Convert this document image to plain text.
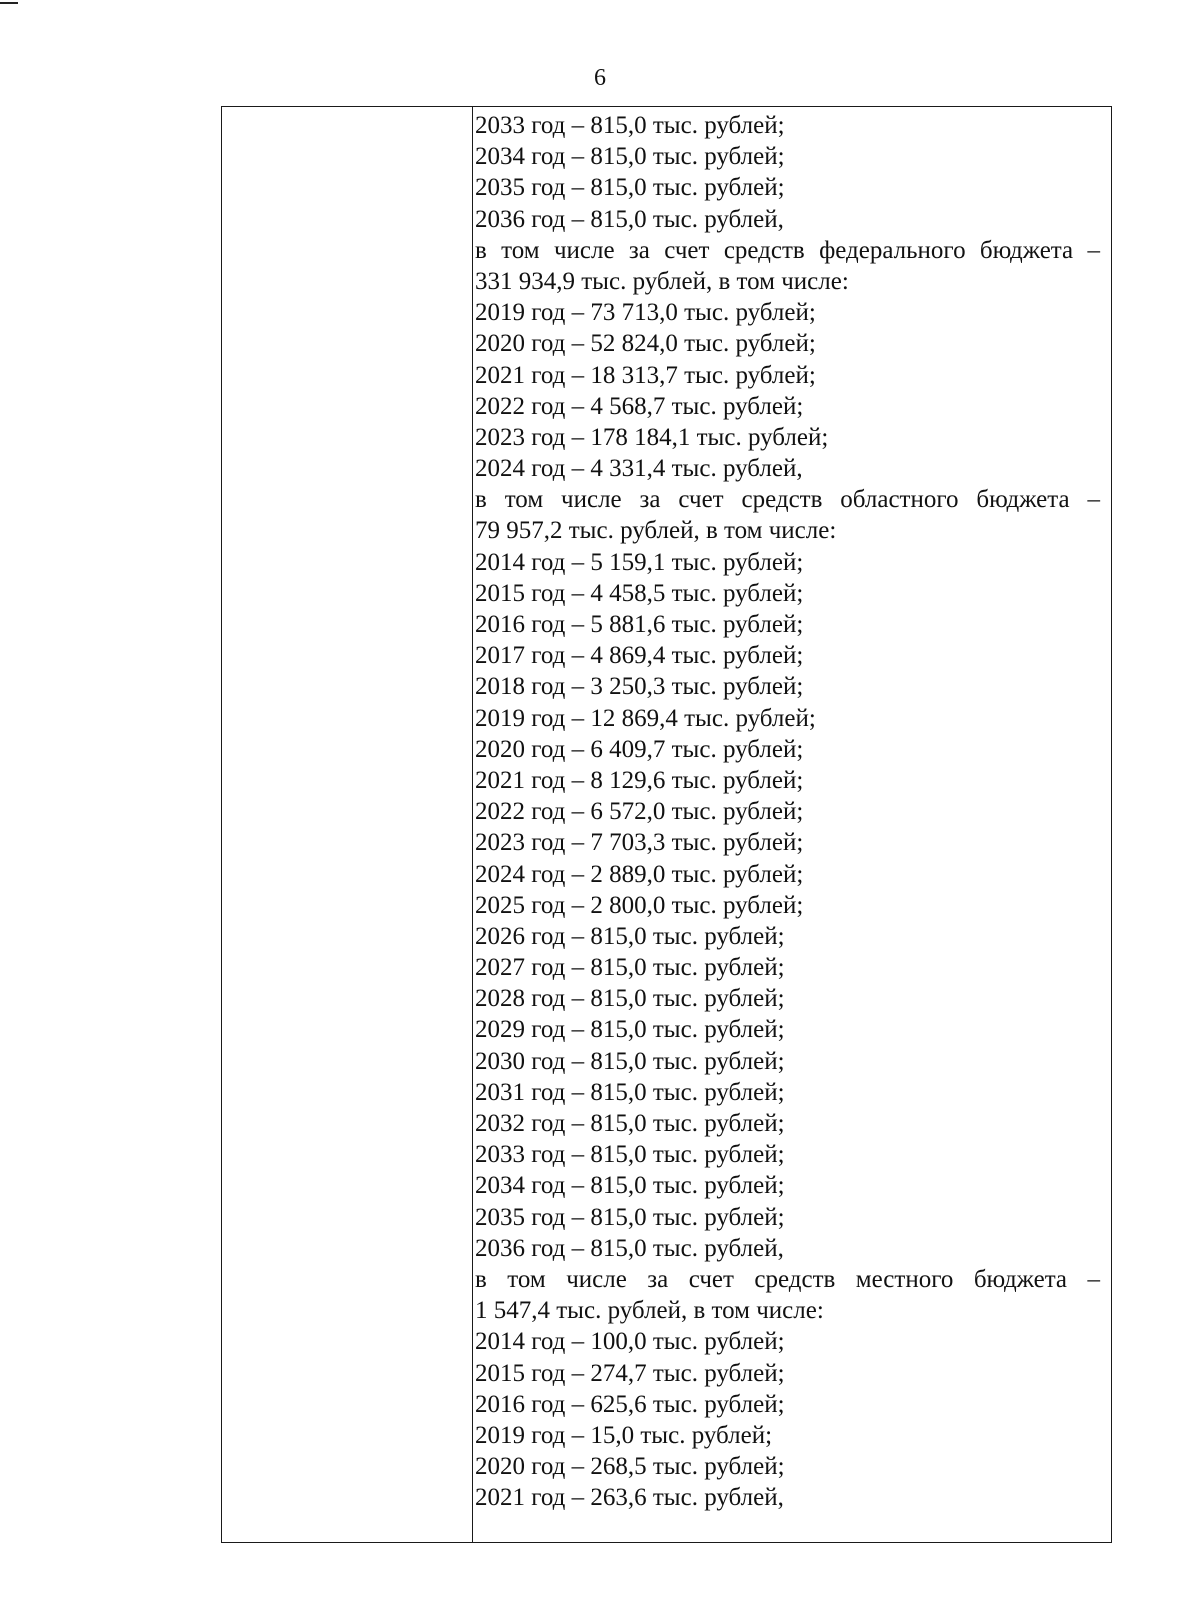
6
2033 год – 815,0 тыс. рублей;
2034 год – 815,0 тыс. рублей;
2035 год – 815,0 тыс. рублей;
2036 год – 815,0 тыс. рублей,
в том числе за счет средств федерального бюджета –
331 934,9 тыс. рублей, в том числе:
2019 год – 73 713,0 тыс. рублей;
2020 год – 52 824,0 тыс. рублей;
2021 год – 18 313,7 тыс. рублей;
2022 год – 4 568,7 тыс. рублей;
2023 год – 178 184,1 тыс. рублей;
2024 год – 4 331,4 тыс. рублей,
в том числе за счет средств областного бюджета –
79 957,2 тыс. рублей, в том числе:
2014 год – 5 159,1 тыс. рублей;
2015 год – 4 458,5 тыс. рублей;
2016 год – 5 881,6 тыс. рублей;
2017 год – 4 869,4 тыс. рублей;
2018 год – 3 250,3 тыс. рублей;
2019 год – 12 869,4 тыс. рублей;
2020 год – 6 409,7 тыс. рублей;
2021 год – 8 129,6 тыс. рублей;
2022 год – 6 572,0 тыс. рублей;
2023 год – 7 703,3 тыс. рублей;
2024 год – 2 889,0 тыс. рублей;
2025 год – 2 800,0 тыс. рублей;
2026 год – 815,0 тыс. рублей;
2027 год – 815,0 тыс. рублей;
2028 год – 815,0 тыс. рублей;
2029 год – 815,0 тыс. рублей;
2030 год – 815,0 тыс. рублей;
2031 год – 815,0 тыс. рублей;
2032 год – 815,0 тыс. рублей;
2033 год – 815,0 тыс. рублей;
2034 год – 815,0 тыс. рублей;
2035 год – 815,0 тыс. рублей;
2036 год – 815,0 тыс. рублей,
в том числе за счет средств местного бюджета –
1 547,4 тыс. рублей, в том числе:
2014 год – 100,0 тыс. рублей;
2015 год – 274,7 тыс. рублей;
2016 год – 625,6 тыс. рублей;
2019 год – 15,0 тыс. рублей;
2020 год – 268,5 тыс. рублей;
2021 год – 263,6 тыс. рублей,
